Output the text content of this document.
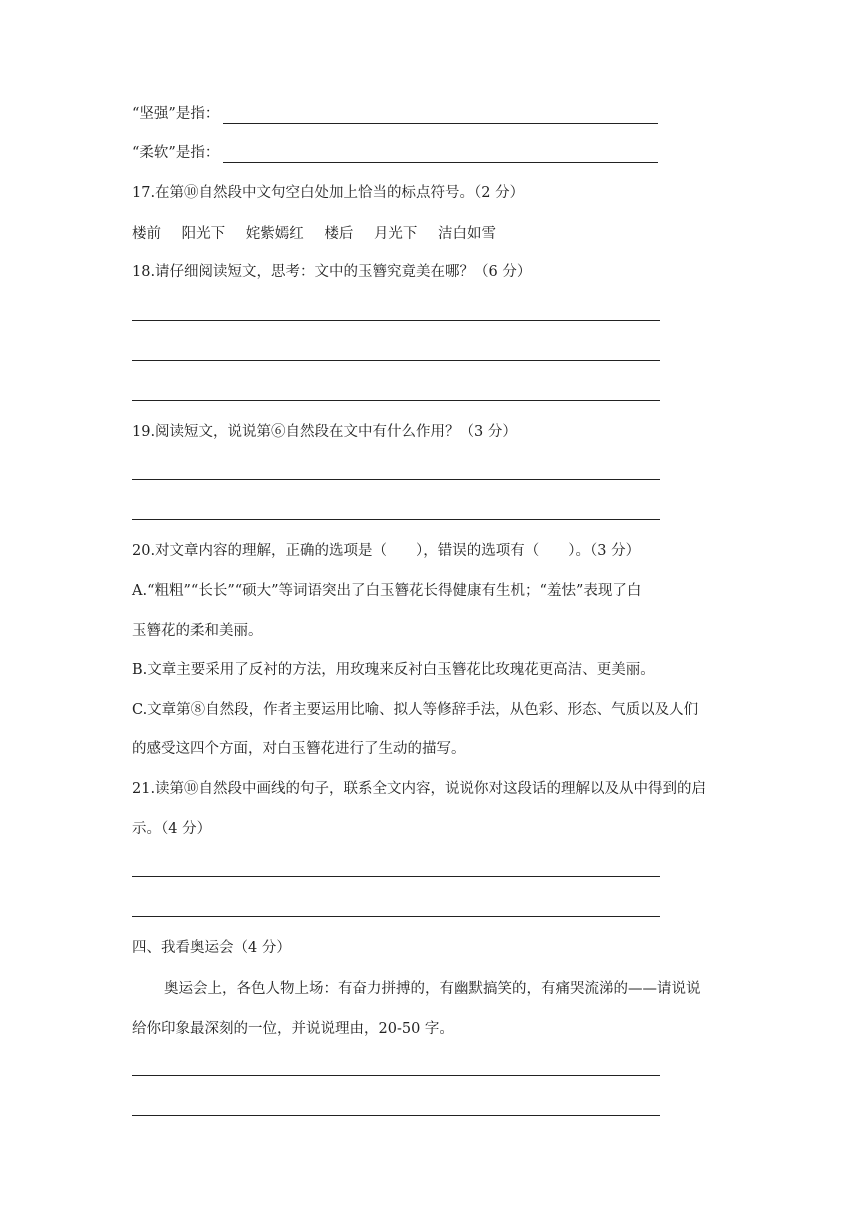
“坚强”是指：
“柔软”是指：
17.在第⑩自然段中文句空白处加上恰当的标点符号。（2 分）
楼前 阳光下 姹紫嫣红 楼后 月光下 洁白如雪
18.请仔细阅读短文，思考：文中的玉簪究竟美在哪？（6 分）
19.阅读短文，说说第⑥自然段在文中有什么作用？（3 分）
20.对文章内容的理解，正确的选项是（　　），错误的选项有（　　）。（3 分）
A.“粗粗”“长长”“硕大”等词语突出了白玉簪花长得健康有生机；“羞怯”表现了白
玉簪花的柔和美丽。
B.文章主要采用了反衬的方法，用玫瑰来反衬白玉簪花比玫瑰花更高洁、更美丽。
C.文章第⑧自然段，作者主要运用比喻、拟人等修辞手法，从色彩、形态、气质以及人们
的感受这四个方面，对白玉簪花进行了生动的描写。
21.读第⑩自然段中画线的句子，联系全文内容，说说你对这段话的理解以及从中得到的启
示。（4 分）
四、我看奥运会（4 分）
奥运会上，各色人物上场：有奋力拼搏的，有幽默搞笑的，有痛哭流涕的——请说说
给你印象最深刻的一位，并说说理由，20-50 字。
